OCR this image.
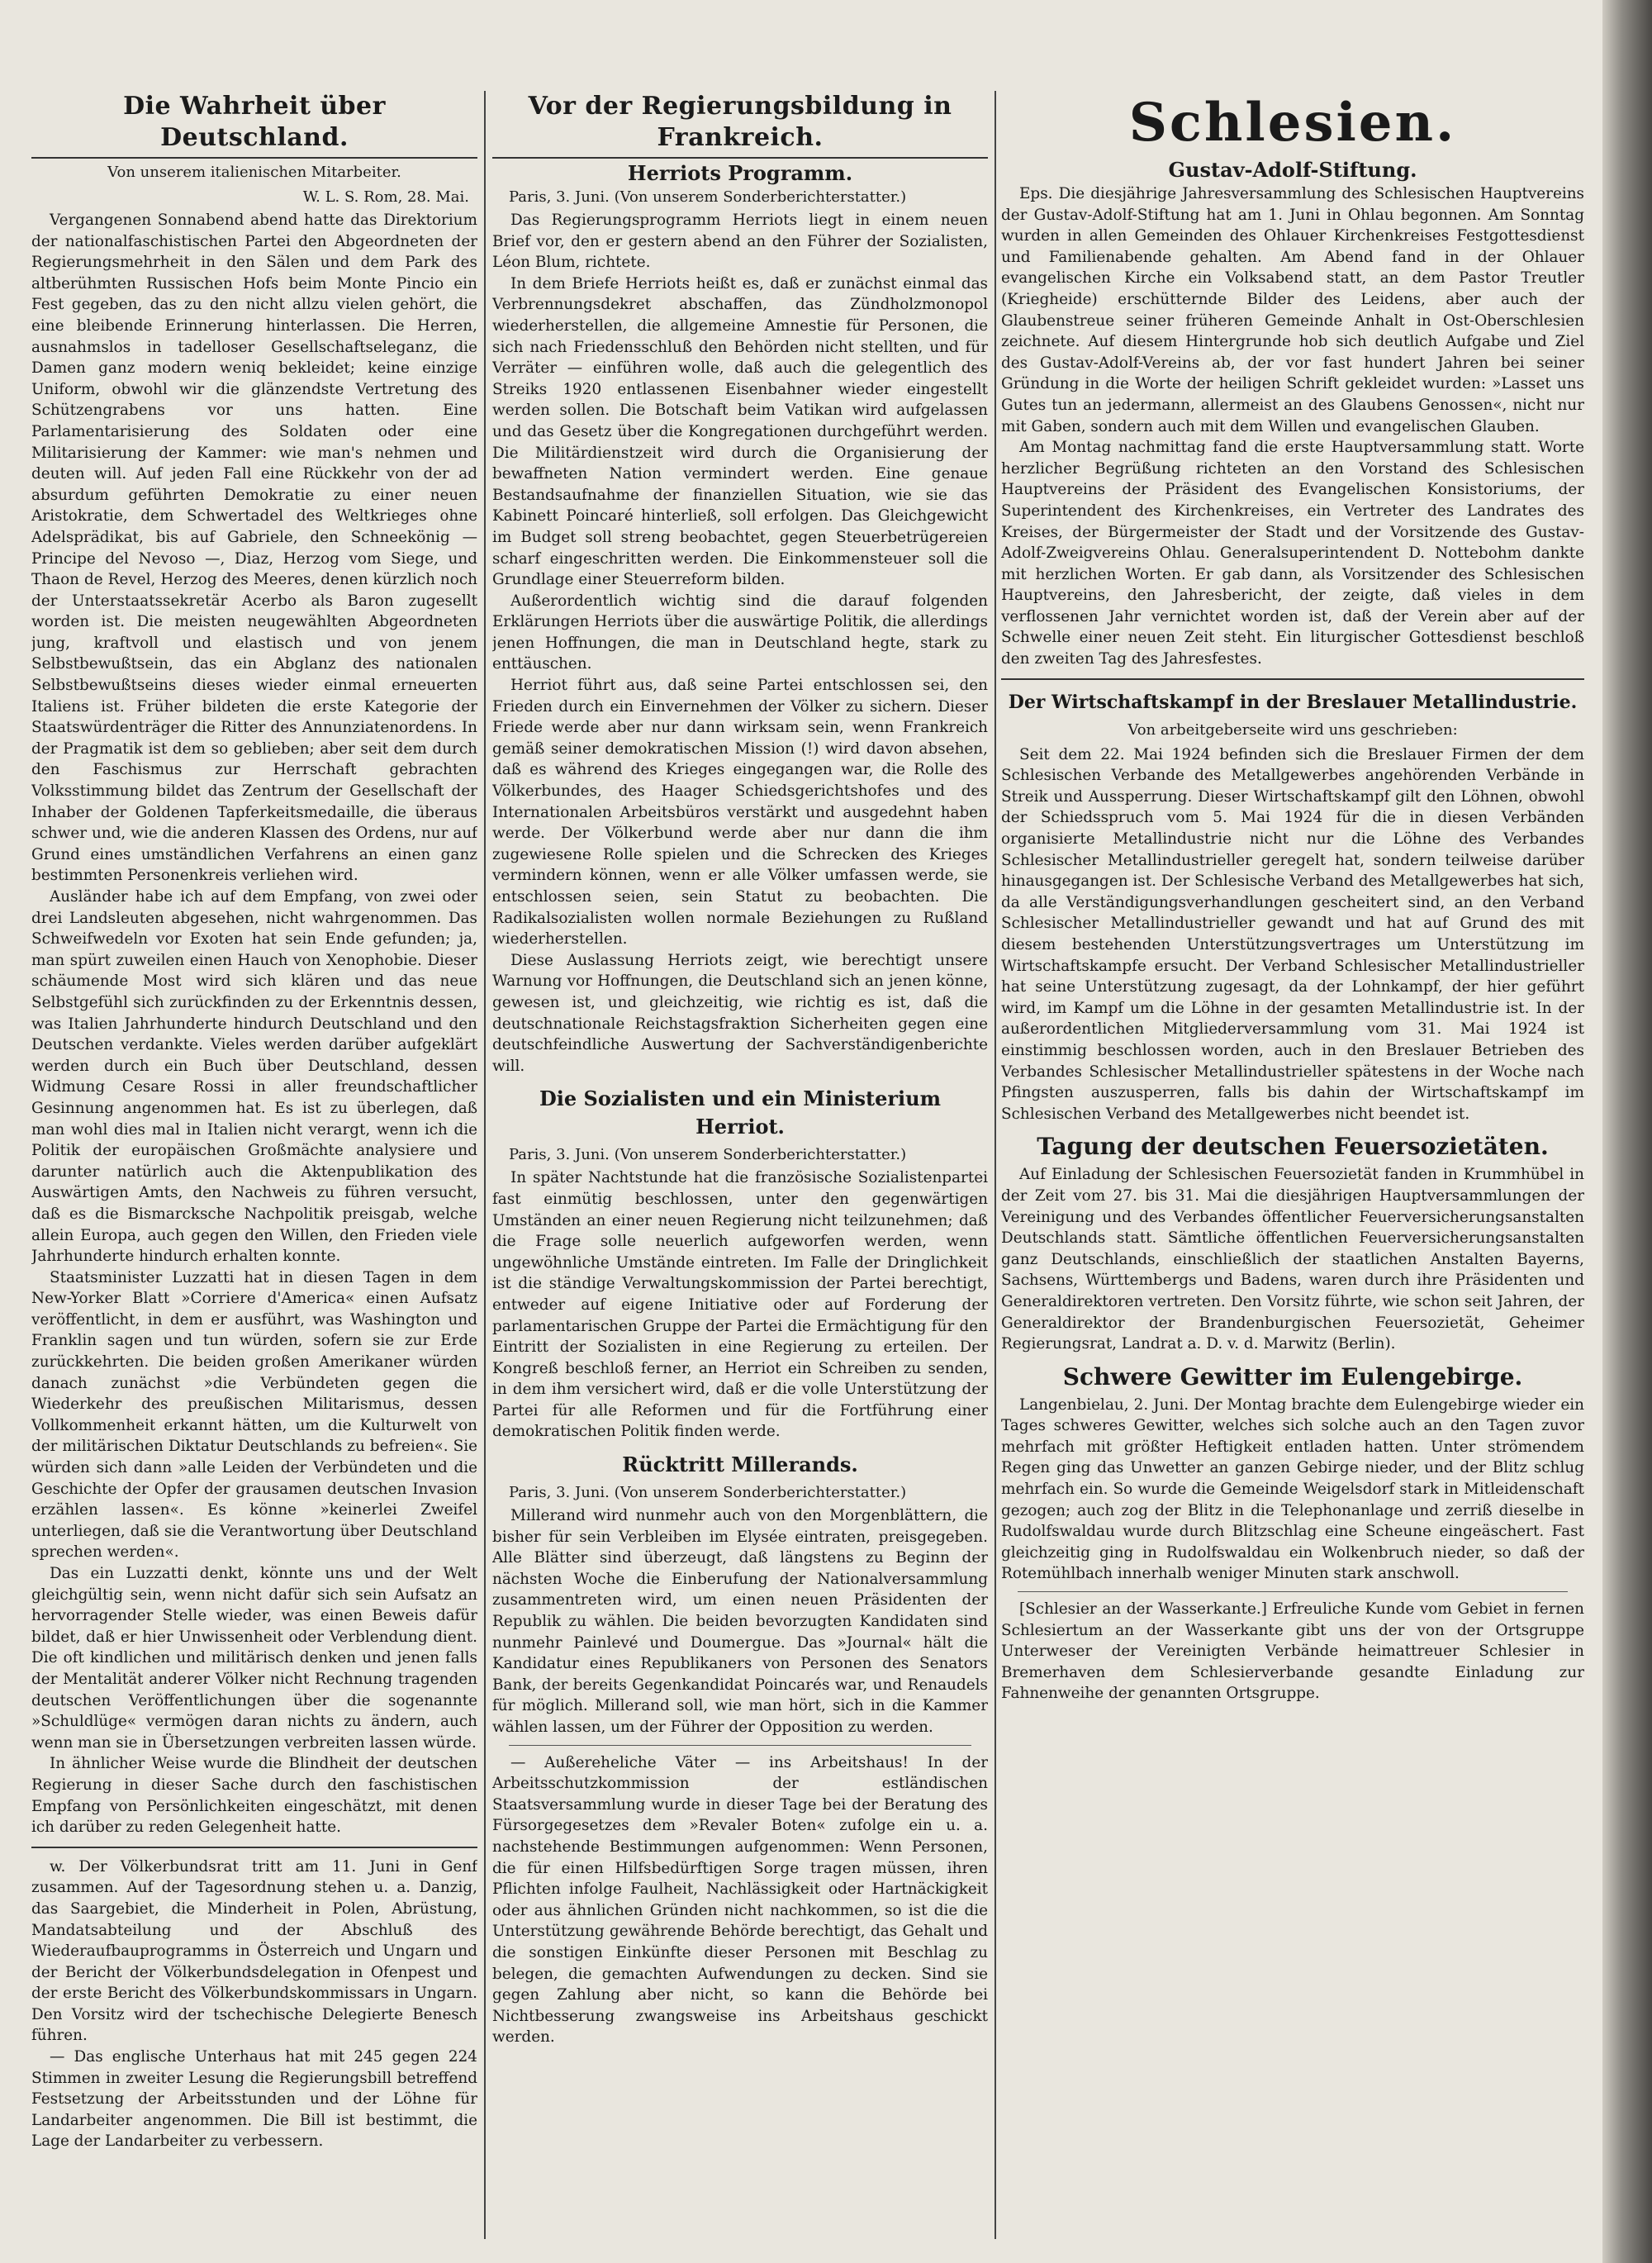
Die Wahrheit über Deutschland.
Von unserem italienischen Mitarbeiter.
W. L. S. Rom, 28. Mai.

Vergangenen Sonnabend abend hatte das Direktorium der nationalfaschistischen Partei den Abgeordneten der Regierungsmehrheit in den Sälen und dem Park des altberühmten Russischen Hofs beim Monte Pincio ein Fest gegeben, das zu den nicht allzu vielen gehört, die eine bleibende Erinnerung hinterlassen. Die Herren, ausnahmslos in tadelloser Gesellschaftseleganz, die Damen ganz modern weniq bekleidet; keine einzige Uniform, obwohl wir die glänzendste Vertretung des Schützengrabens vor uns hatten. Eine Parlamentarisierung des Soldaten oder eine Militarisierung der Kammer: wie man's nehmen und deuten will. Auf jeden Fall eine Rückkehr von der ad absurdum geführten Demokratie zu einer neuen Aristokratie, dem Schwertadel des Weltkrieges ohne Adelsprädikat, bis auf Gabriele, den Schneekönig — Principe del Nevoso —, Diaz, Herzog vom Siege, und Thaon de Revel, Herzog des Meeres, denen kürzlich noch der Unterstaatssekretär Acerbo als Baron zugesellt worden ist. Die meisten neugewählten Abgeordneten jung, kraftvoll und elastisch und von jenem Selbstbewußtsein, das ein Abglanz des nationalen Selbstbewußtseins dieses wieder einmal erneuerten Italiens ist. Früher bildeten die erste Kategorie der Staatswürdenträger die Ritter des Annunziatenordens. In der Pragmatik ist dem so geblieben; aber seit dem durch den Faschismus zur Herrschaft gebrachten Volksstimmung bildet das Zentrum der Gesellschaft der Inhaber der Goldenen Tapferkeitsmedaille, die überaus schwer und, wie die anderen Klassen des Ordens, nur auf Grund eines umständlichen Verfahrens an einen ganz bestimmten Personenkreis verliehen wird.

Ausländer habe ich auf dem Empfang, von zwei oder drei Landsleuten abgesehen, nicht wahrgenommen. Das Schweifwedeln vor Exoten hat sein Ende gefunden; ja, man spürt zuweilen einen Hauch von Xenophobie. Dieser schäumende Most wird sich klären und das neue Selbstgefühl sich zurückfinden zu der Erkenntnis dessen, was Italien Jahrhunderte hindurch Deutschland und den Deutschen verdankte. Vieles werden darüber aufgeklärt werden durch ein Buch über Deutschland, dessen Widmung Cesare Rossi in aller freundschaftlicher Gesinnung angenommen hat. Es ist zu überlegen, daß man wohl dies mal in Italien nicht verargt, wenn ich die Politik der europäischen Großmächte analysiere und darunter natürlich auch die Aktenpublikation des Auswärtigen Amts, den Nachweis zu führen versucht, daß es die Bismarcksche Nachpolitik preisgab, welche allein Europa, auch gegen den Willen, den Frieden viele Jahrhunderte hindurch erhalten konnte.

Staatsminister Luzzatti hat in diesen Tagen in dem New-Yorker Blatt »Corriere d'America« einen Aufsatz veröffentlicht, in dem er ausführt, was Washington und Franklin sagen und tun würden, sofern sie zur Erde zurückkehrten. Die beiden großen Amerikaner würden danach zunächst »die Verbündeten gegen die Wiederkehr des preußischen Militarismus, dessen Vollkommenheit erkannt hätten, um die Kulturwelt von der militärischen Diktatur Deutschlands zu befreien«. Sie würden sich dann »alle Leiden der Verbündeten und die Geschichte der Opfer der grausamen deutschen Invasion erzählen lassen«. Es könne »keinerlei Zweifel unterliegen, daß sie die Verantwortung über Deutschland sprechen werden«.

Das ein Luzzatti denkt, könnte uns und der Welt gleichgültig sein, wenn nicht dafür sich sein Aufsatz an hervorragender Stelle wieder, was einen Beweis dafür bildet, daß er hier Unwissenheit oder Verblendung dient. Die oft kindlichen und militärisch denken und jenen falls der Mentalität anderer Völker nicht Rechnung tragenden deutschen Veröffentlichungen über die sogenannte »Schuldlüge« vermögen daran nichts zu ändern, auch wenn man sie in Übersetzungen verbreiten lassen würde.

In ähnlicher Weise wurde die Blindheit der deutschen Regierung in dieser Sache durch den faschistischen Empfang von Persönlichkeiten eingeschätzt, mit denen ich darüber zu reden Gelegenheit hatte.

w. Der Völkerbundsrat tritt am 11. Juni in Genf zusammen. Auf der Tagesordnung stehen u. a. Danzig, das Saargebiet, die Minderheit in Polen, Abrüstung, Mandatsabteilung und der Abschluß des Wiederaufbauprogramms in Österreich und Ungarn und der Bericht der Völkerbundsdelegation in Ofenpest und der erste Bericht des Völkerbundskommissars in Ungarn. Den Vorsitz wird der tschechische Delegierte Benesch führen.

— Das englische Unterhaus hat mit 245 gegen 224 Stimmen in zweiter Lesung die Regierungsbill betreffend Festsetzung der Arbeitsstunden und der Löhne für Landarbeiter angenommen. Die Bill ist bestimmt, die Lage der Landarbeiter zu verbessern.

Vor der Regierungsbildung in Frankreich.
Herriots Programm.
Paris, 3. Juni. (Von unserem Sonderberichterstatter.)

Das Regierungsprogramm Herriots liegt in einem neuen Brief vor, den er gestern abend an den Führer der Sozialisten, Léon Blum, richtete.

In dem Briefe Herriots heißt es, daß er zunächst einmal das Verbrennungsdekret abschaffen, das Zündholzmonopol wiederherstellen, die allgemeine Amnestie für Personen, die sich nach Friedensschluß den Behörden nicht stellten, und für Verräter — einführen wolle, daß auch die gelegentlich des Streiks 1920 entlassenen Eisenbahner wieder eingestellt werden sollen. Die Botschaft beim Vatikan wird aufgelassen und das Gesetz über die Kongregationen durchgeführt werden. Die Militärdienstzeit wird durch die Organisierung der bewaffneten Nation vermindert werden. Eine genaue Bestandsaufnahme der finanziellen Situation, wie sie das Kabinett Poincaré hinterließ, soll erfolgen. Das Gleichgewicht im Budget soll streng beobachtet, gegen Steuerbetrügereien scharf eingeschritten werden. Die Einkommensteuer soll die Grundlage einer Steuerreform bilden.

Außerordentlich wichtig sind die darauf folgenden Erklärungen Herriots über die auswärtige Politik, die allerdings jenen Hoffnungen, die man in Deutschland hegte, stark zu enttäuschen.

Herriot führt aus, daß seine Partei entschlossen sei, den Frieden durch ein Einvernehmen der Völker zu sichern. Dieser Friede werde aber nur dann wirksam sein, wenn Frankreich gemäß seiner demokratischen Mission (!) wird davon absehen, daß es während des Krieges eingegangen war, die Rolle des Völkerbundes, des Haager Schiedsgerichtshofes und des Internationalen Arbeitsbüros verstärkt und ausgedehnt haben werde. Der Völkerbund werde aber nur dann die ihm zugewiesene Rolle spielen und die Schrecken des Krieges vermindern können, wenn er alle Völker umfassen werde, sie entschlossen seien, sein Statut zu beobachten. Die Radikalsozialisten wollen normale Beziehungen zu Rußland wiederherstellen.

Diese Auslassung Herriots zeigt, wie berechtigt unsere Warnung vor Hoffnungen, die Deutschland sich an jenen könne, gewesen ist, und gleichzeitig, wie richtig es ist, daß die deutschnationale Reichstagsfraktion Sicherheiten gegen eine deutschfeindliche Auswertung der Sachverständigenberichte will.

Die Sozialisten und ein Ministerium Herriot.
Paris, 3. Juni. (Von unserem Sonderberichterstatter.)

In später Nachtstunde hat die französische Sozialistenpartei fast einmütig beschlossen, unter den gegenwärtigen Umständen an einer neuen Regierung nicht teilzunehmen; daß die Frage solle neuerlich aufgeworfen werden, wenn ungewöhnliche Umstände eintreten. Im Falle der Dringlichkeit ist die ständige Verwaltungskommission der Partei berechtigt, entweder auf eigene Initiative oder auf Forderung der parlamentarischen Gruppe der Partei die Ermächtigung für den Eintritt der Sozialisten in eine Regierung zu erteilen. Der Kongreß beschloß ferner, an Herriot ein Schreiben zu senden, in dem ihm versichert wird, daß er die volle Unterstützung der Partei für alle Reformen und für die Fortführung einer demokratischen Politik finden werde.

Rücktritt Millerands.
Paris, 3. Juni. (Von unserem Sonderberichterstatter.)

Millerand wird nunmehr auch von den Morgenblättern, die bisher für sein Verbleiben im Elysée eintraten, preisgegeben. Alle Blätter sind überzeugt, daß längstens zu Beginn der nächsten Woche die Einberufung der Nationalversammlung zusammentreten wird, um einen neuen Präsidenten der Republik zu wählen. Die beiden bevorzugten Kandidaten sind nunmehr Painlevé und Doumergue. Das »Journal« hält die Kandidatur eines Republikaners von Personen des Senators Bank, der bereits Gegenkandidat Poincarés war, und Renaudels für möglich. Millerand soll, wie man hört, sich in die Kammer wählen lassen, um der Führer der Opposition zu werden.

— Außereheliche Väter — ins Arbeitshaus! In der Arbeitsschutzkommission der estländischen Staatsversammlung wurde in dieser Tage bei der Beratung des Fürsorgegesetzes dem »Revaler Boten« zufolge ein u. a. nachstehende Bestimmungen aufgenommen: Wenn Personen, die für einen Hilfsbedürftigen Sorge tragen müssen, ihren Pflichten infolge Faulheit, Nachlässigkeit oder Hartnäckigkeit oder aus ähnlichen Gründen nicht nachkommen, so ist die die Unterstützung gewährende Behörde berechtigt, das Gehalt und die sonstigen Einkünfte dieser Personen mit Beschlag zu belegen, die gemachten Aufwendungen zu decken. Sind sie gegen Zahlung aber nicht, so kann die Behörde bei Nichtbesserung zwangsweise ins Arbeitshaus geschickt werden.

Schlesien.
Gustav-Adolf-Stiftung.

Eps. Die diesjährige Jahresversammlung des Schlesischen Hauptvereins der Gustav-Adolf-Stiftung hat am 1. Juni in Ohlau begonnen. Am Sonntag wurden in allen Gemeinden des Ohlauer Kirchenkreises Festgottesdienst und Familienabende gehalten. Am Abend fand in der Ohlauer evangelischen Kirche ein Volksabend statt, an dem Pastor Treutler (Kriegheide) erschütternde Bilder des Leidens, aber auch der Glaubenstreue seiner früheren Gemeinde Anhalt in Ost-Oberschlesien zeichnete. Auf diesem Hintergrunde hob sich deutlich Aufgabe und Ziel des Gustav-Adolf-Vereins ab, der vor fast hundert Jahren bei seiner Gründung in die Worte der heiligen Schrift gekleidet wurden: »Lasset uns Gutes tun an jedermann, allermeist an des Glaubens Genossen«, nicht nur mit Gaben, sondern auch mit dem Willen und evangelischen Glauben.

Am Montag nachmittag fand die erste Hauptversammlung statt. Worte herzlicher Begrüßung richteten an den Vorstand des Schlesischen Hauptvereins der Präsident des Evangelischen Konsistoriums, der Superintendent des Kirchenkreises, ein Vertreter des Landrates des Kreises, der Bürgermeister der Stadt und der Vorsitzende des Gustav-Adolf-Zweigvereins Ohlau. Generalsuperintendent D. Nottebohm dankte mit herzlichen Worten. Er gab dann, als Vorsitzender des Schlesischen Hauptvereins, den Jahresbericht, der zeigte, daß vieles in dem verflossenen Jahr vernichtet worden ist, daß der Verein aber auf der Schwelle einer neuen Zeit steht. Ein liturgischer Gottesdienst beschloß den zweiten Tag des Jahresfestes.

Der Wirtschaftskampf in der Breslauer Metallindustrie.
Von arbeitgeberseite wird uns geschrieben:

Seit dem 22. Mai 1924 befinden sich die Breslauer Firmen der dem Schlesischen Verbande des Metallgewerbes angehörenden Verbände in Streik und Aussperrung. Dieser Wirtschaftskampf gilt den Löhnen, obwohl der Schiedsspruch vom 5. Mai 1924 für die in diesen Verbänden organisierte Metallindustrie nicht nur die Löhne des Verbandes Schlesischer Metallindustrieller geregelt hat, sondern teilweise darüber hinausgegangen ist. Der Schlesische Verband des Metallgewerbes hat sich, da alle Verständigungsverhandlungen gescheitert sind, an den Verband Schlesischer Metallindustrieller gewandt und hat auf Grund des mit diesem bestehenden Unterstützungsvertrages um Unterstützung im Wirtschaftskampfe ersucht. Der Verband Schlesischer Metallindustrieller hat seine Unterstützung zugesagt, da der Lohnkampf, der hier geführt wird, im Kampf um die Löhne in der gesamten Metallindustrie ist. In der außerordentlichen Mitgliederversammlung vom 31. Mai 1924 ist einstimmig beschlossen worden, auch in den Breslauer Betrieben des Verbandes Schlesischer Metallindustrieller spätestens in der Woche nach Pfingsten auszusperren, falls bis dahin der Wirtschaftskampf im Schlesischen Verband des Metallgewerbes nicht beendet ist.

Tagung der deutschen Feuersozietäten.

Auf Einladung der Schlesischen Feuersozietät fanden in Krummhübel in der Zeit vom 27. bis 31. Mai die diesjährigen Hauptversammlungen der Vereinigung und des Verbandes öffentlicher Feuerversicherungsanstalten Deutschlands statt. Sämtliche öffentlichen Feuerversicherungsanstalten ganz Deutschlands, einschließlich der staatlichen Anstalten Bayerns, Sachsens, Württembergs und Badens, waren durch ihre Präsidenten und Generaldirektoren vertreten. Den Vorsitz führte, wie schon seit Jahren, der Generaldirektor der Brandenburgischen Feuersozietät, Geheimer Regierungsrat, Landrat a. D. v. d. Marwitz (Berlin).

Schwere Gewitter im Eulengebirge.

Langenbielau, 2. Juni. Der Montag brachte dem Eulengebirge wieder ein Tages schweres Gewitter, welches sich solche auch an den Tagen zuvor mehrfach mit größter Heftigkeit entladen hatten. Unter strömendem Regen ging das Unwetter an ganzen Gebirge nieder, und der Blitz schlug mehrfach ein. So wurde die Gemeinde Weigelsdorf stark in Mitleidenschaft gezogen; auch zog der Blitz in die Telephonanlage und zerriß dieselbe in Rudolfswaldau wurde durch Blitzschlag eine Scheune eingeäschert. Fast gleichzeitig ging in Rudolfswaldau ein Wolkenbruch nieder, so daß der Rotemühlbach innerhalb weniger Minuten stark anschwoll.

[Schlesier an der Wasserkante.] Erfreuliche Kunde vom Gebiet in fernen Schlesiertum an der Wasserkante gibt uns der von der Ortsgruppe Unterweser der Vereinigten Verbände heimattreuer Schlesier in Bremerhaven dem Schlesierverbande gesandte Einladung zur Fahnenweihe der genannten Ortsgruppe.
